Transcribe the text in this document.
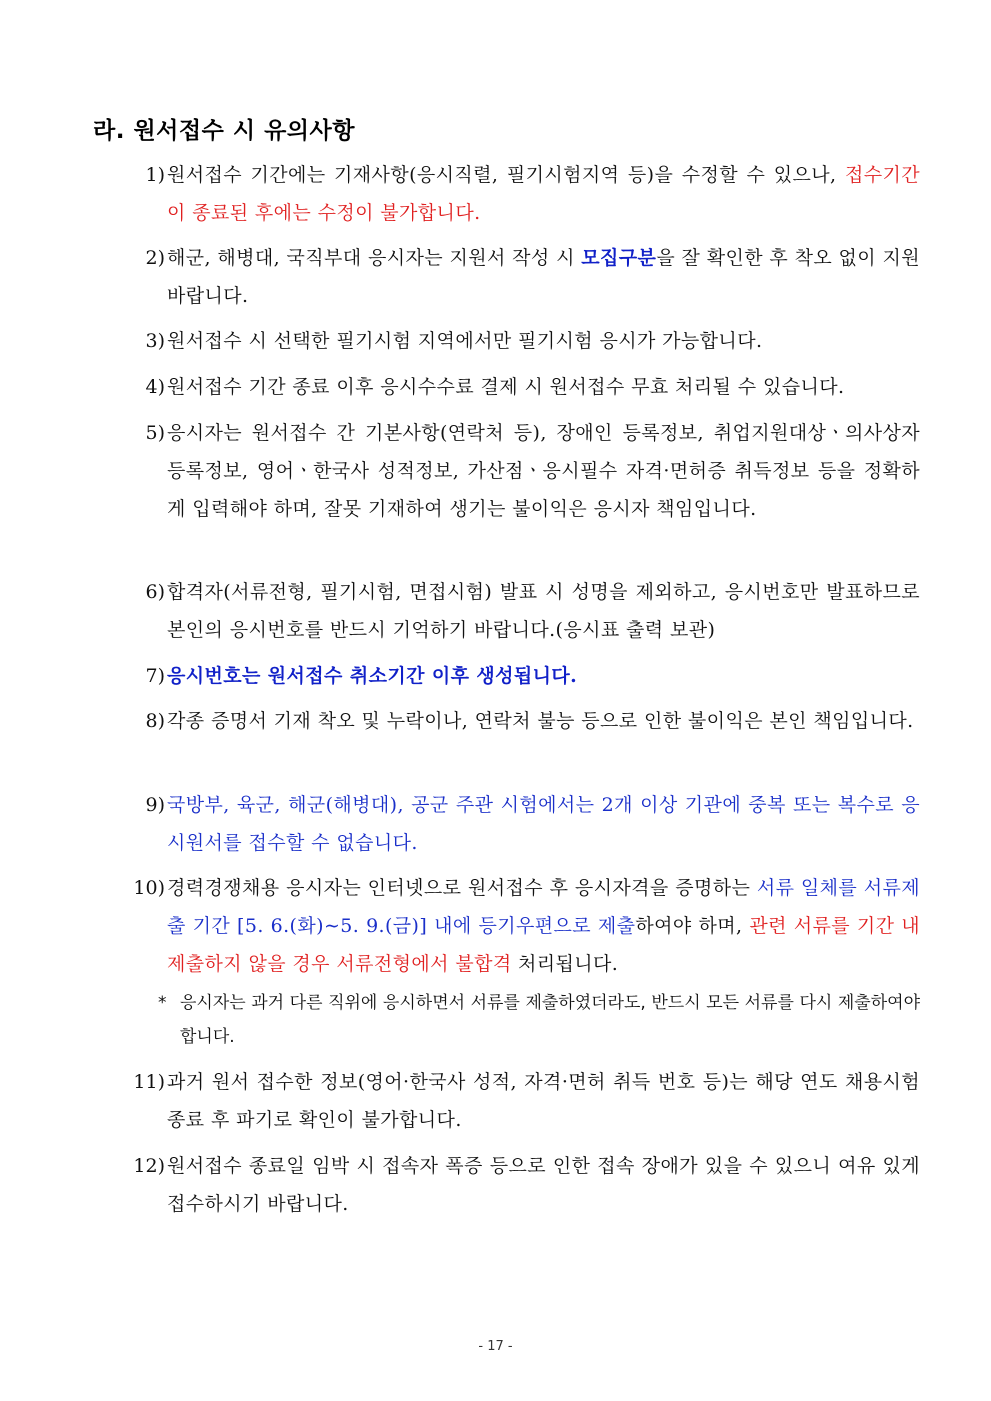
라. 원서접수 시 유의사항
1) 원서접수 기간에는 기재사항(응시직렬, 필기시험지역 등)을 수정할 수 있으나, 접수기간이 종료된 후에는 수정이 불가합니다.
2) 해군, 해병대, 국직부대 응시자는 지원서 작성 시 모집구분을 잘 확인한 후 착오 없이 지원 바랍니다.
3) 원서접수 시 선택한 필기시험 지역에서만 필기시험 응시가 가능합니다.
4) 원서접수 기간 종료 이후 응시수수료 결제 시 원서접수 무효 처리될 수 있습니다.
5) 응시자는 원서접수 간 기본사항(연락처 등), 장애인 등록정보, 취업지원대상ㆍ의사상자 등록정보, 영어ㆍ한국사 성적정보, 가산점ㆍ응시필수 자격·면허증 취득정보 등을 정확하게 입력해야 하며, 잘못 기재하여 생기는 불이익은 응시자 책임입니다.
6) 합격자(서류전형, 필기시험, 면접시험) 발표 시 성명을 제외하고, 응시번호만 발표하므로 본인의 응시번호를 반드시 기억하기 바랍니다.(응시표 출력 보관)
7) 응시번호는 원서접수 취소기간 이후 생성됩니다.
8) 각종 증명서 기재 착오 및 누락이나, 연락처 불능 등으로 인한 불이익은 본인 책임입니다.
9) 국방부, 육군, 해군(해병대), 공군 주관 시험에서는 2개 이상 기관에 중복 또는 복수로 응시원서를 접수할 수 없습니다.
10) 경력경쟁채용 응시자는 인터넷으로 원서접수 후 응시자격을 증명하는 서류 일체를 서류제출 기간 [5. 6.(화)∼5. 9.(금)] 내에 등기우편으로 제출하여야 하며, 관련 서류를 기간 내 제출하지 않을 경우 서류전형에서 불합격 처리됩니다.
* 응시자는 과거 다른 직위에 응시하면서 서류를 제출하였더라도, 반드시 모든 서류를 다시 제출하여야 합니다.
11) 과거 원서 접수한 정보(영어·한국사 성적, 자격·면허 취득 번호 등)는 해당 연도 채용시험 종료 후 파기로 확인이 불가합니다.
12) 원서접수 종료일 임박 시 접속자 폭증 등으로 인한 접속 장애가 있을 수 있으니 여유 있게 접수하시기 바랍니다.
- 17 -
